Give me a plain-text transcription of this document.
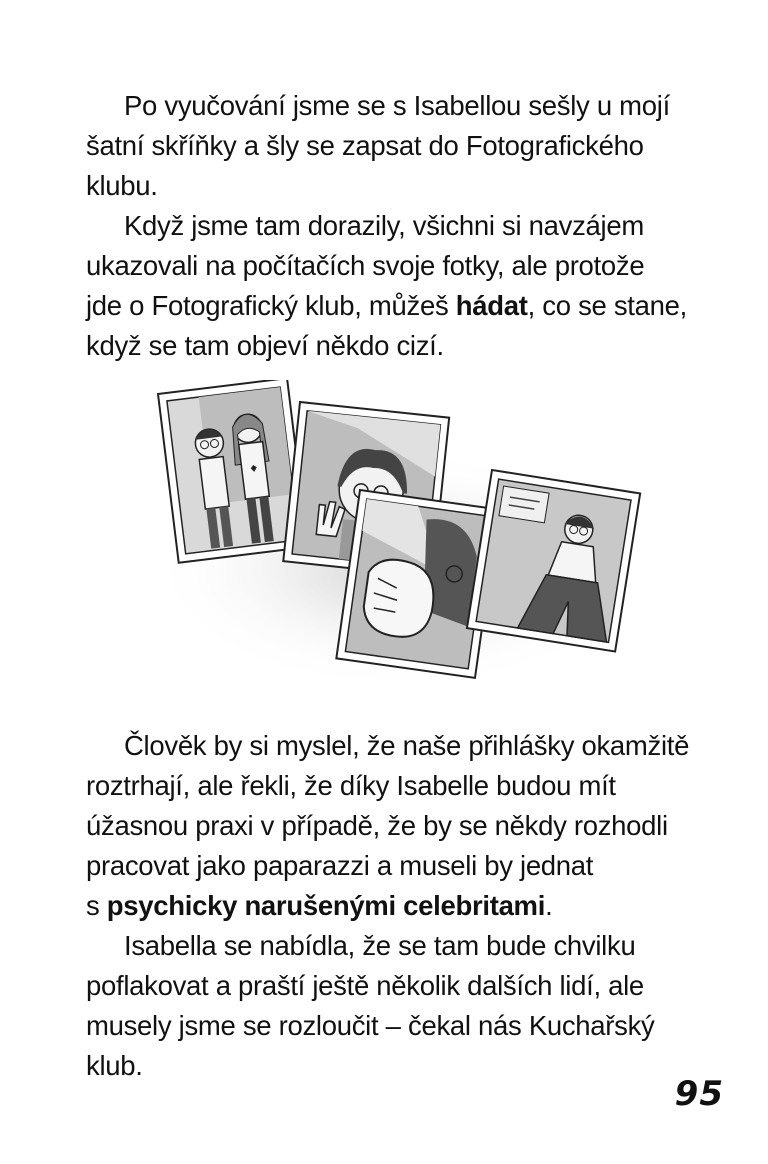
Po vyučování jsme se s Isabellou sešly u mojí
šatní skříňky a šly se zapsat do Fotografického
klubu.

Když jsme tam dorazily, všichni si navzájem
ukazovali na počítačích svoje fotky, ale protože
jde o Fotografický klub, můžeš hádat, co se stane,
když se tam objeví někdo cizí.

Člověk by si myslel, že naše přihlášky okamžitě
roztrhají, ale řekli, že díky Isabelle budou mít
úžasnou praxi v případě, že by se někdy rozhodli
pracovat jako paparazzi a museli by jednat
s psychicky narušenými celebritami.

Isabella se nabídla, že se tam bude chvilku
poflakovat a praští ještě několik dalších lidí, ale
musely jsme se rozloučit – čekal nás Kuchařský
klub.

95
